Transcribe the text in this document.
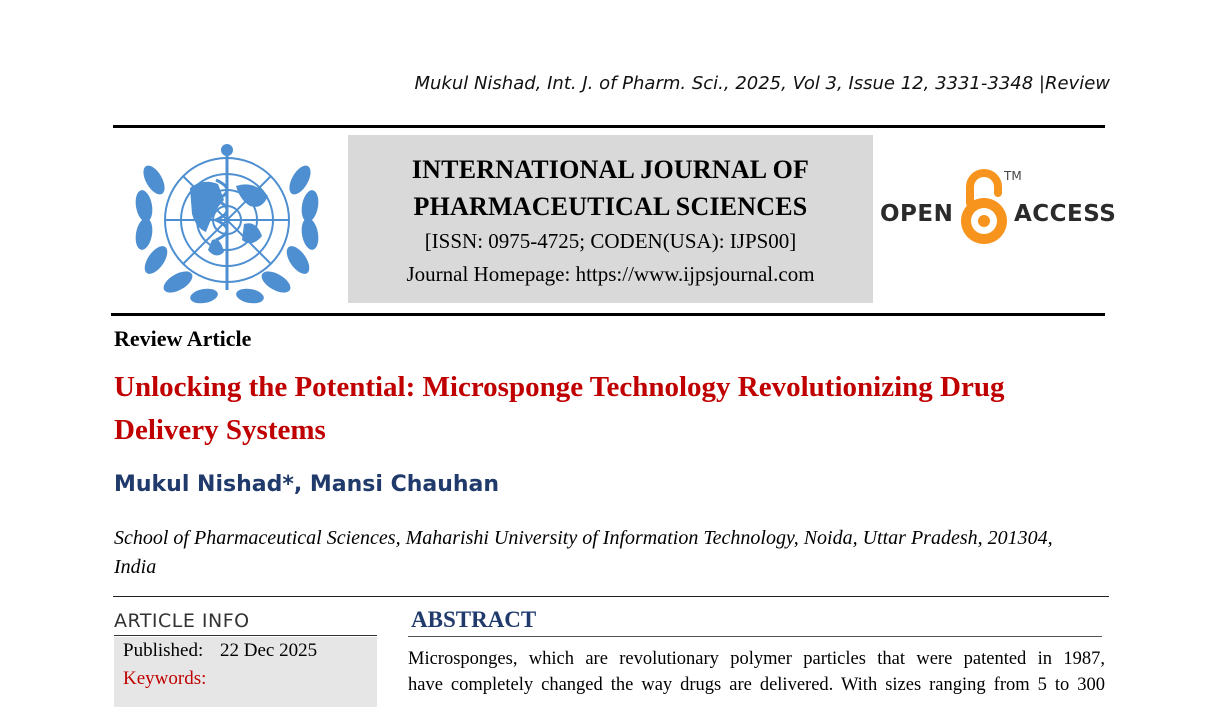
Mukul Nishad, Int. J. of Pharm. Sci., 2025, Vol 3, Issue 12, 3331-3348 |Review
INTERNATIONAL JOURNAL OF
PHARMACEUTICAL SCIENCES
[ISSN: 0975-4725; CODEN(USA): IJPS00]
Journal Homepage: https://www.ijpsjournal.com
OPEN
TM
ACCESS
Review Article
Unlocking the Potential: Microsponge Technology Revolutionizing Drug Delivery Systems
Mukul Nishad*, Mansi Chauhan
School of Pharmaceutical Sciences, Maharishi University of Information Technology, Noida, Uttar Pradesh, 201304, India
ARTICLE INFO
Published: 22 Dec 2025
Keywords:
ABSTRACT
Microsponges, which are revolutionary polymer particles that were patented in 1987,
have completely changed the way drugs are delivered. With sizes ranging from 5 to 300
